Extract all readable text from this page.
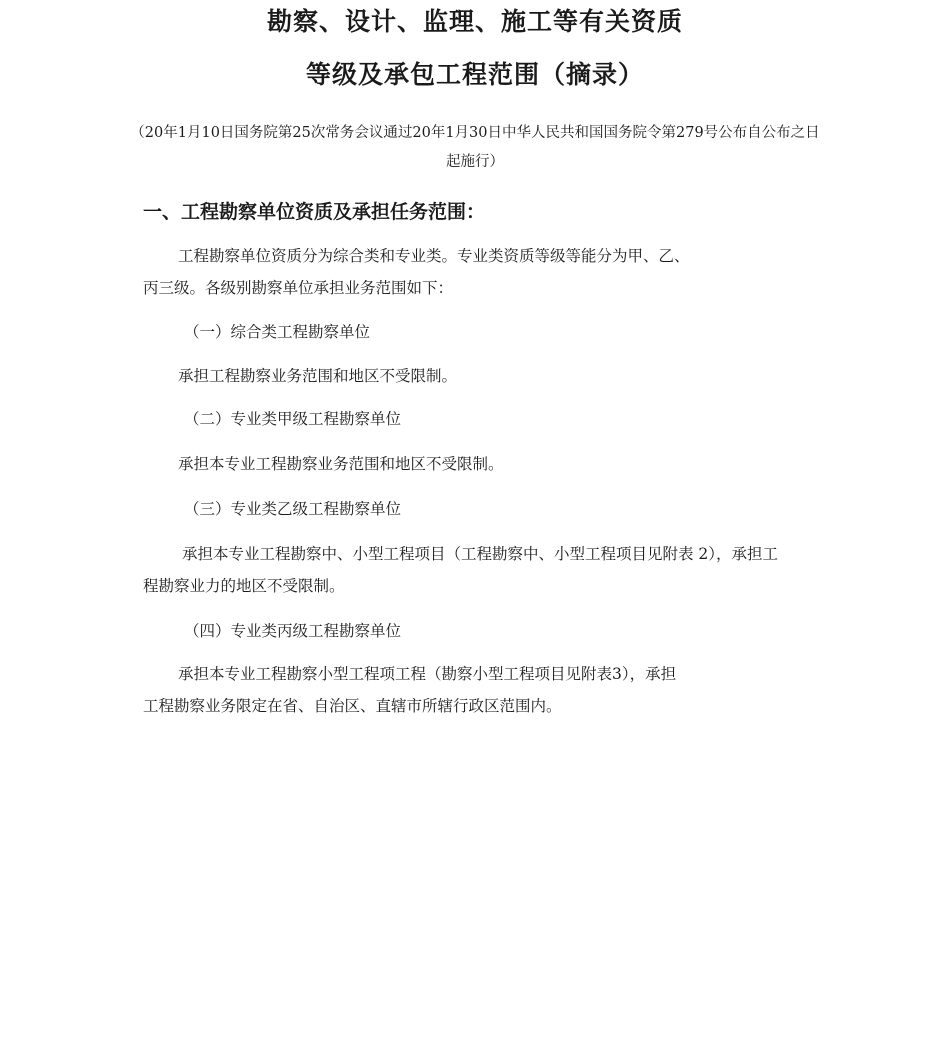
勘察、设计、监理、施工等有关资质
等级及承包工程范围（摘录）

（20年1月10日国务院第25次常务会议通过20年1月30日中华人民共和国国务院令第279号公布自公布之日

起施行）

一、工程勘察单位资质及承担任务范围：

工程勘察单位资质分为综合类和专业类。专业类资质等级等能分为甲、乙、

丙三级。各级别勘察单位承担业务范围如下：

（一）综合类工程勘察单位

承担工程勘察业务范围和地区不受限制。

（二）专业类甲级工程勘察单位

承担本专业工程勘察业务范围和地区不受限制。

（三）专业类乙级工程勘察单位

承担本专业工程勘察中、小型工程项目（工程勘察中、小型工程项目见附表 2），承担工

程勘察业力的地区不受限制。

（四）专业类丙级工程勘察单位

承担本专业工程勘察小型工程项工程（勘察小型工程项目见附表3），承担

工程勘察业务限定在省、自治区、直辖市所辖行政区范围内。
